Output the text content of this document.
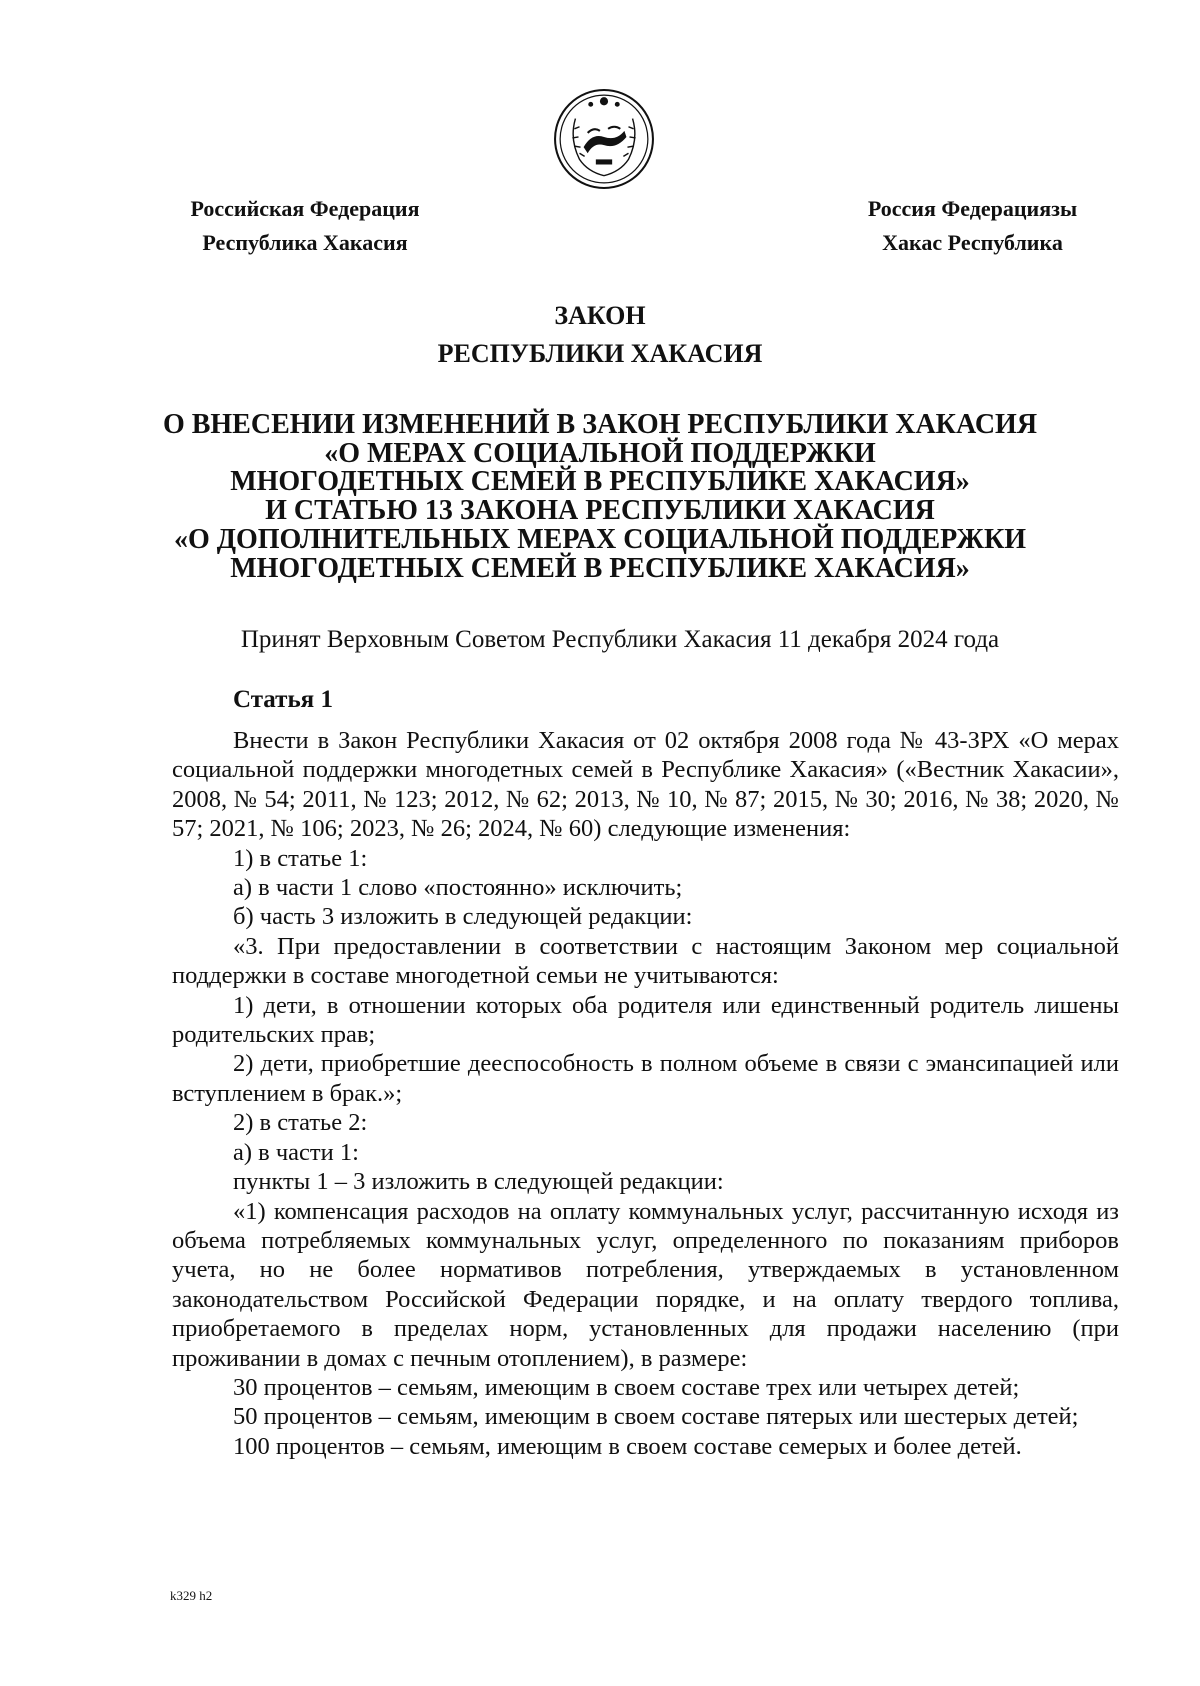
Российская Федерация
Республика Хакасия
Россия Федерациязы
Хакас Республика
ЗАКОН
РЕСПУБЛИКИ ХАКАСИЯ
О ВНЕСЕНИИ ИЗМЕНЕНИЙ В ЗАКОН РЕСПУБЛИКИ ХАКАСИЯ
«О МЕРАХ СОЦИАЛЬНОЙ ПОДДЕРЖКИ
МНОГОДЕТНЫХ СЕМЕЙ В РЕСПУБЛИКЕ ХАКАСИЯ»
И СТАТЬЮ 13 ЗАКОНА РЕСПУБЛИКИ ХАКАСИЯ
«О ДОПОЛНИТЕЛЬНЫХ МЕРАХ СОЦИАЛЬНОЙ ПОДДЕРЖКИ
МНОГОДЕТНЫХ СЕМЕЙ В РЕСПУБЛИКЕ ХАКАСИЯ»
Принят Верховным Советом Республики Хакасия 11 декабря 2024 года
Статья 1

Внести в Закон Республики Хакасия от 02 октября 2008 года № 43-ЗРХ «О мерах социальной поддержки многодетных семей в Республике Хакасия» («Вестник Хакасии», 2008, № 54; 2011, № 123; 2012, № 62; 2013, № 10, № 87; 2015, № 30; 2016, № 38; 2020, № 57; 2021, № 106; 2023, № 26; 2024, № 60) следующие изменения:

1) в статье 1:

а) в части 1 слово «постоянно» исключить;

б) часть 3 изложить в следующей редакции:

«3. При предоставлении в соответствии с настоящим Законом мер социальной поддержки в составе многодетной семьи не учитываются:

1) дети, в отношении которых оба родителя или единственный родитель лишены родительских прав;

2) дети, приобретшие дееспособность в полном объеме в связи с эмансипацией или вступлением в брак.»;

2) в статье 2:

а) в части 1:

пункты 1 – 3 изложить в следующей редакции:

«1) компенсация расходов на оплату коммунальных услуг, рассчитанную исходя из объема потребляемых коммунальных услуг, определенного по показаниям приборов учета, но не более нормативов потребления, утверждаемых в установленном законодательством Российской Федерации порядке, и на оплату твердого топлива, приобретаемого в пределах норм, установленных для продажи населению (при проживании в домах с печным отоплением), в размере:

30 процентов – семьям, имеющим в своем составе трех или четырех детей;

50 процентов – семьям, имеющим в своем составе пятерых или шестерых детей;

100 процентов – семьям, имеющим в своем составе семерых и более детей.

k329 h2
